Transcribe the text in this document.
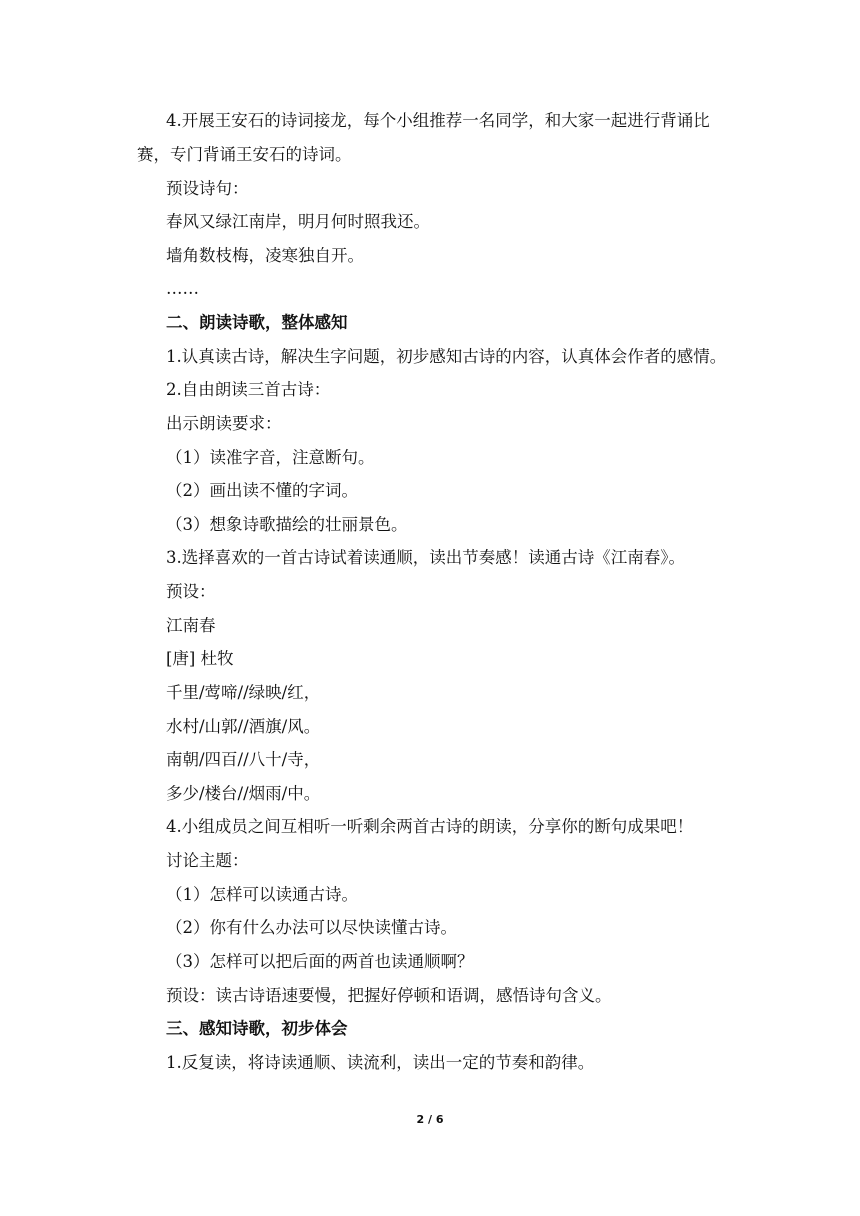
4.开展王安石的诗词接龙，每个小组推荐一名同学，和大家一起进行背诵比
赛，专门背诵王安石的诗词。
预设诗句：
春风又绿江南岸，明月何时照我还。
墙角数枝梅，凌寒独自开。
……
二、朗读诗歌，整体感知
1.认真读古诗，解决生字问题，初步感知古诗的内容，认真体会作者的感情。
2.自由朗读三首古诗：
出示朗读要求：
（1）读准字音，注意断句。
（2）画出读不懂的字词。
（3）想象诗歌描绘的壮丽景色。
3.选择喜欢的一首古诗试着读通顺，读出节奏感！读通古诗《江南春》。
预设：
江南春
[唐] 杜牧
千里/莺啼//绿映/红，
水村/山郭//酒旗/风。
南朝/四百//八十/寺，
多少/楼台//烟雨/中。
4.小组成员之间互相听一听剩余两首古诗的朗读，分享你的断句成果吧！
讨论主题：
（1）怎样可以读通古诗。
（2）你有什么办法可以尽快读懂古诗。
（3）怎样可以把后面的两首也读通顺啊？
预设：读古诗语速要慢，把握好停顿和语调，感悟诗句含义。
三、感知诗歌，初步体会
1.反复读，将诗读通顺、读流利，读出一定的节奏和韵律。
2 / 6
